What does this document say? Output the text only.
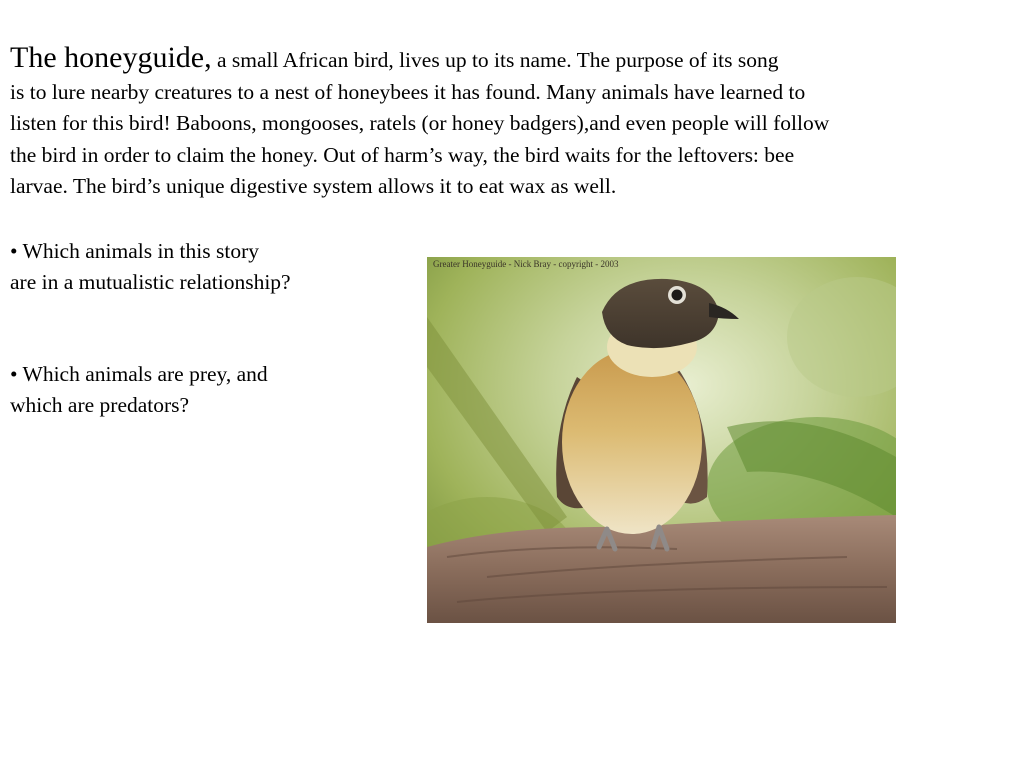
The honeyguide, a small African bird, lives up to its name. The purpose of its song
is to lure nearby creatures to a nest of honeybees it has found. Many animals have learned to
listen for this bird! Baboons, mongooses, ratels (or honey badgers),and even people will follow
the bird in order to claim the honey. Out of harm’s way, the bird waits for the leftovers: bee
larvae. The bird’s unique digestive system allows it to eat wax as well.

• Which animals in this story
are in a mutualistic relationship?

• Which animals are prey, and
which are predators?

Greater Honeyguide - Nick Bray - copyright - 2003
